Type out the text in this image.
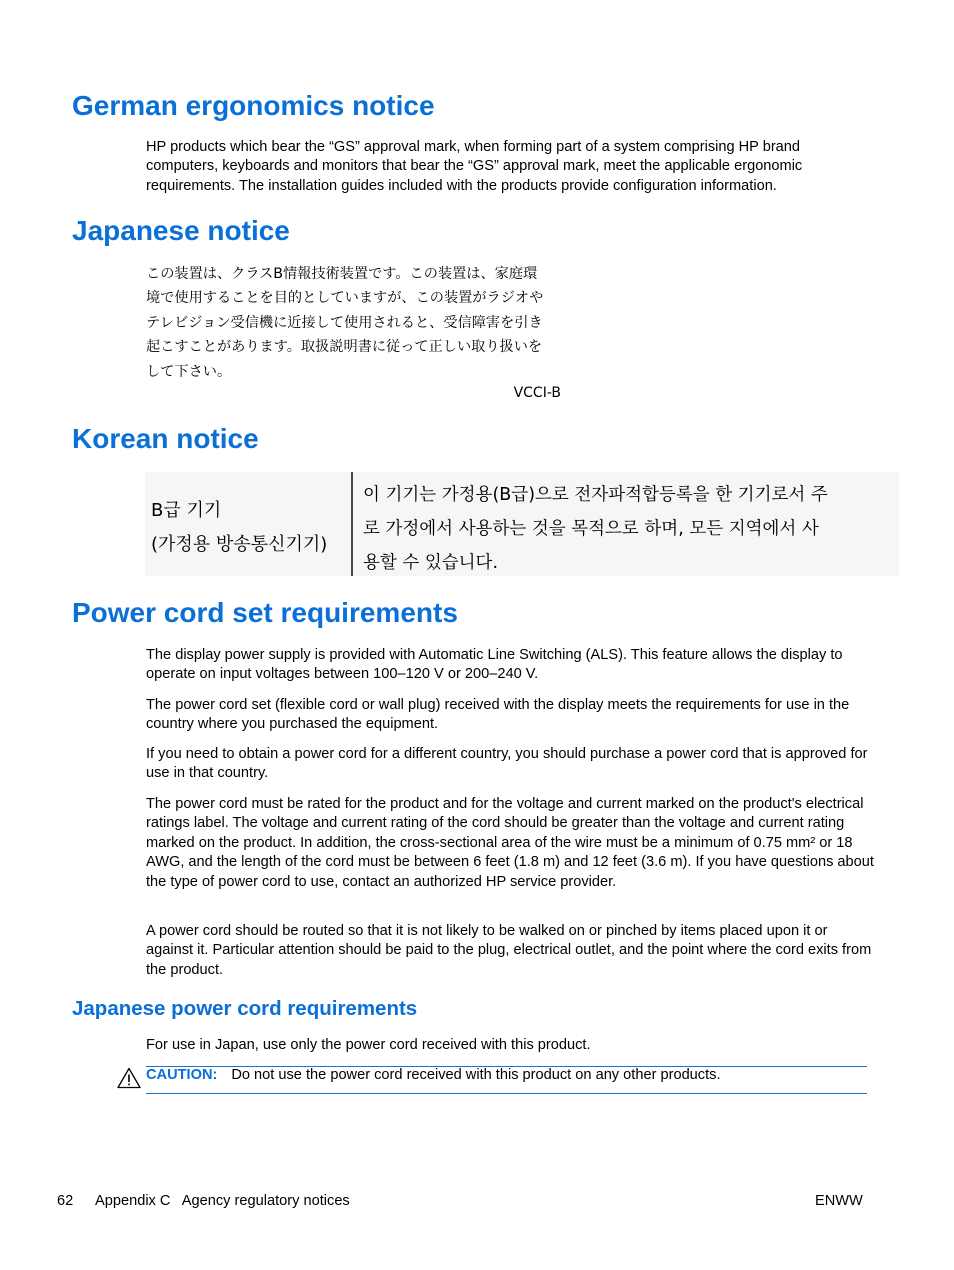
German ergonomics notice

HP products which bear the “GS” approval mark, when forming part of a system comprising HP brand computers, keyboards and monitors that bear the “GS” approval mark, meet the applicable ergonomic requirements. The installation guides included with the products provide configuration information.

Japanese notice
この装置は、クラスB情報技術装置です。この装置は、家庭環
境で使用することを目的としていますが、この装置がラジオや
テレビジョン受信機に近接して使用されると、受信障害を引き
起こすことがあります。取扱説明書に従って正しい取り扱いを
して下さい。
VCCI-B
Korean notice
B급 기기
(가정용 방송통신기기)
이 기기는 가정용(B급)으로 전자파적합등록을 한 기기로서 주
로 가정에서 사용하는 것을 목적으로 하며, 모든 지역에서 사
용할 수 있습니다.
Power cord set requirements

The display power supply is provided with Automatic Line Switching (ALS). This feature allows the display to operate on input voltages between 100–120 V or 200–240 V.

The power cord set (flexible cord or wall plug) received with the display meets the requirements for use in the country where you purchased the equipment.

If you need to obtain a power cord for a different country, you should purchase a power cord that is approved for use in that country.

The power cord must be rated for the product and for the voltage and current marked on the product's electrical ratings label. The voltage and current rating of the cord should be greater than the voltage and current rating marked on the product. In addition, the cross-sectional area of the wire must be a minimum of 0.75 mm² or 18 AWG, and the length of the cord must be between 6 feet (1.8 m) and 12 feet (3.6 m). If you have questions about the type of power cord to use, contact an authorized HP service provider.

A power cord should be routed so that it is not likely to be walked on or pinched by items placed upon it or against it. Particular attention should be paid to the plug, electrical outlet, and the point where the cord exits from the product.

Japanese power cord requirements

For use in Japan, use only the power cord received with this product.

CAUTION: Do not use the power cord received with this product on any other products.
62 Appendix C   Agency regulatory notices	ENWW
